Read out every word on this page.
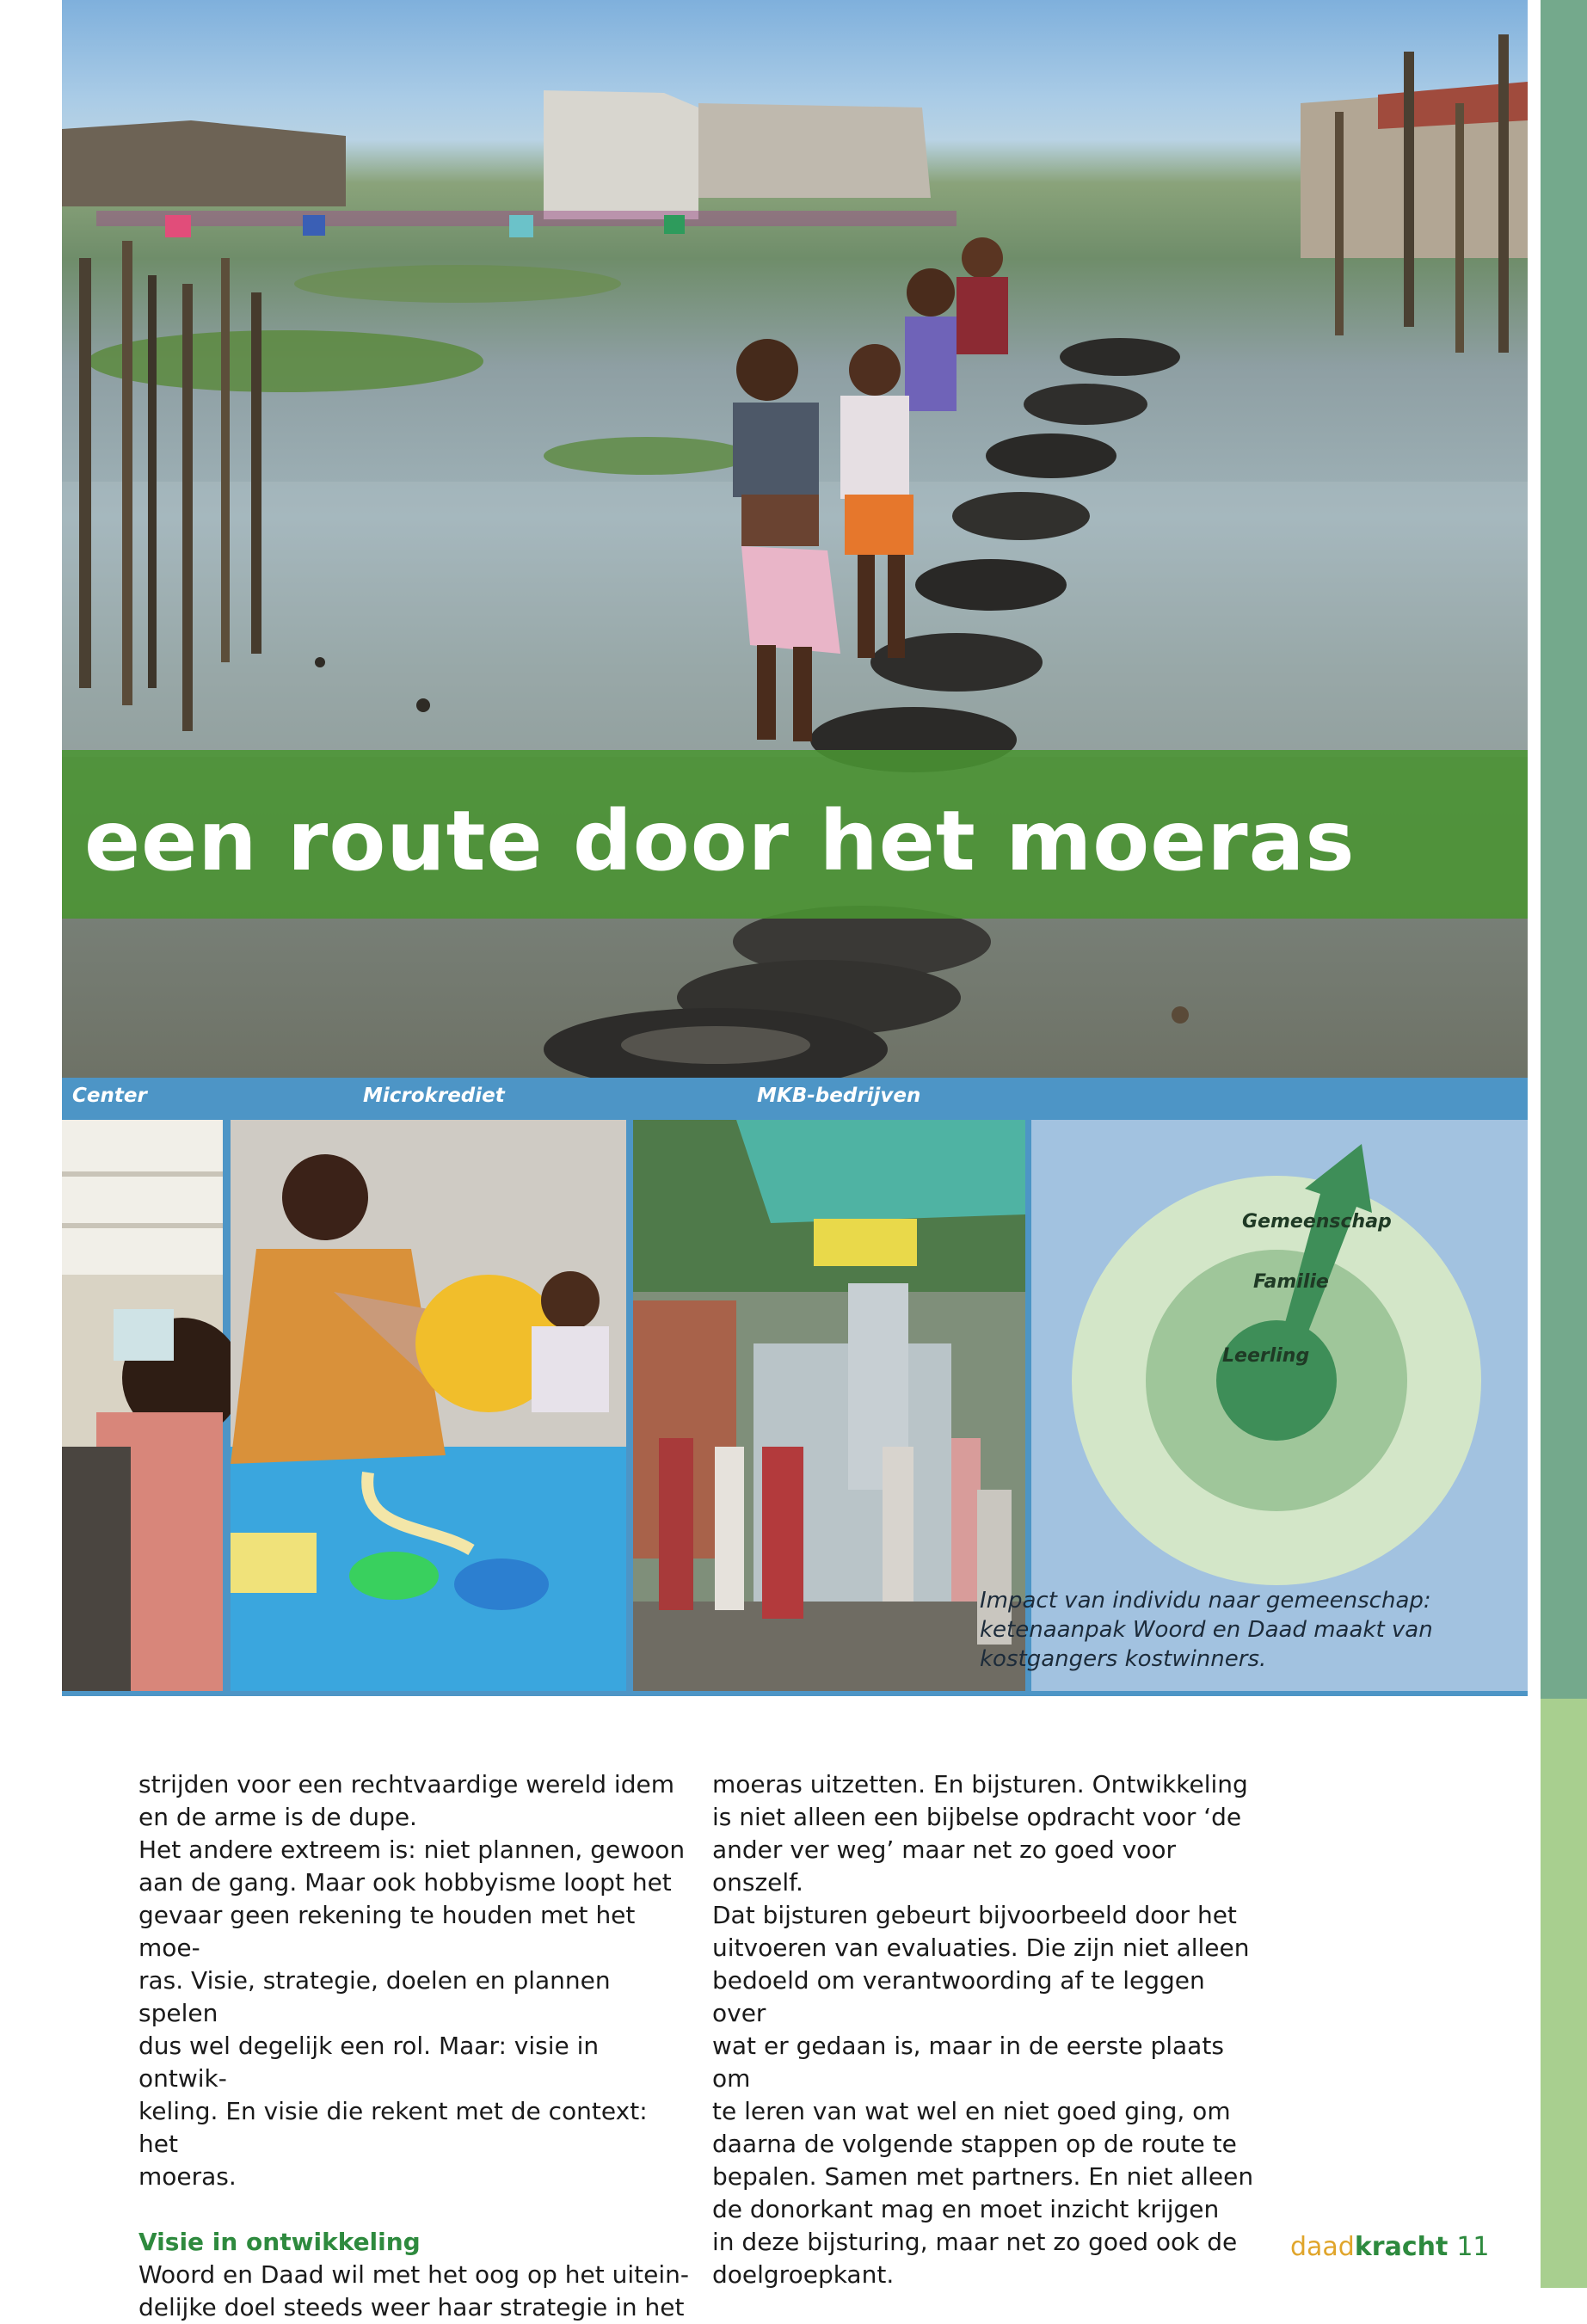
een route door het moeras
Center	Microkrediet	MKB-bedrijven
Leerling
Familie
Gemeenschap
Impact van individu naar gemeenschap: ketenaanpak Woord en Daad maakt van kostgangers kostwinners.

strijden voor een rechtvaardige wereld idem

en de arme is de dupe.

Het andere extreem is: niet plannen, gewoon

aan de gang. Maar ook hobbyisme loopt het

gevaar geen rekening te houden met het moe-

ras. Visie, strategie, doelen en plannen spelen

dus wel degelijk een rol. Maar: visie in ontwik-

keling. En visie die rekent met de context: het

moeras.

Visie in ontwikkeling

Woord en Daad wil met het oog op het uitein-

delijke doel steeds weer haar strategie in het

moeras uitzetten. En bijsturen. Ontwikkeling

is niet alleen een bijbelse opdracht voor ‘de

ander ver weg’ maar net zo goed voor onszelf.

Dat bijsturen gebeurt bijvoorbeeld door het

uitvoeren van evaluaties. Die zijn niet alleen

bedoeld om verantwoording af te leggen over

wat er gedaan is, maar in de eerste plaats om

te leren van wat wel en niet goed ging, om

daarna de volgende stappen op de route te

bepalen. Samen met partners. En niet alleen

de donorkant mag en moet inzicht krijgen

in deze bijsturing, maar net zo goed ook de

doelgroepkant.

daadkracht 11
